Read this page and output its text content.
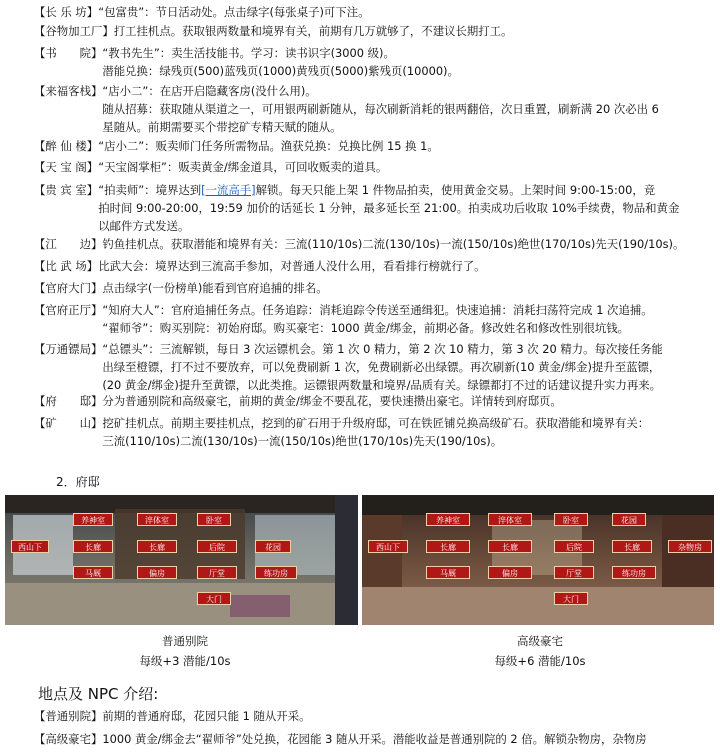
【长 乐 坊】 “包富贵”：节日活动处。点击绿字(每张桌子)可下注。
【谷物加工厂】 打工挂机点。获取银两数量和境界有关，前期有几万就够了，不建议长期打工。
【书　　院】 “教书先生”：卖生活技能书。学习：读书识字(3000 级)。
潜能兑换：绿残页(500)蓝残页(1000)黄残页(5000)紫残页(10000)。
【来福客栈】 “店小二”：在店开启隐藏客房(没什么用)。
随从招募：获取随从渠道之一，可用银两刷新随从，每次刷新消耗的银两翻倍，次日重置，刷新满 20 次必出 6
星随从。前期需要买个带挖矿专精天赋的随从。
【醉 仙 楼】 “店小二”：贩卖师门任务所需物品。渔获兑换：兑换比例 15 换 1。
【天 宝 阁】 “天宝阁掌柜”：贩卖黄金/绑金道具，可回收贩卖的道具。
【贵 宾 室】 “拍卖师”：境界达到[一流高手]解锁。每天只能上架 1 件物品拍卖，使用黄金交易。上架时间 9:00-15:00，竞
拍时间 9:00-20:00，19:59 加价的话延长 1 分钟，最多延长至 21:00。拍卖成功后收取 10%手续费，物品和黄金
以邮件方式发送。
【江　　边】 钓鱼挂机点。获取潜能和境界有关：三流(110/10s)二流(130/10s)一流(150/10s)绝世(170/10s)先天(190/10s)。
【比 武 场】 比武大会：境界达到三流高手参加，对普通人没什么用，看看排行榜就行了。
【官府大门】 点击绿字(一份榜单)能看到官府追捕的排名。
【官府正厅】 “知府大人”：官府追捕任务点。任务追踪：消耗追踪令传送至通缉犯。快速追捕：消耗扫荡符完成 1 次追捕。
“翟师爷”：购买别院：初始府邸。购买豪宅：1000 黄金/绑金，前期必备。修改姓名和修改性别很坑钱。
【万通镖局】 “总镖头”：三流解锁，每日 3 次运镖机会。第 1 次 0 精力，第 2 次 10 精力，第 3 次 20 精力。每次接任务能
出绿至橙镖，打不过不要放弃，可以免费刷新 1 次，免费刷新必出绿镖。再次刷新(10 黄金/绑金)提升至蓝镖，
(20 黄金/绑金)提升至黄镖，以此类推。运镖银两数量和境界/品质有关。绿镖都打不过的话建议提升实力再来。
【府　　邸】 分为普通别院和高级豪宅，前期的黄金/绑金不要乱花，要快速攒出豪宅。详情转到府邸页。
【矿　　山】 挖矿挂机点。前期主要挂机点，挖到的矿石用于升级府邸，可在铁匠铺兑换高级矿石。获取潜能和境界有关：
三流(110/10s)二流(130/10s)一流(150/10s)绝世(170/10s)先天(190/10s)。
2．府邸
养神室	淬体室	卧室
西山下	长廊	长廊	后院	花园
马厩	偏房	厅堂	练功房
大门
养神室	淬体室	卧室	花园
西山下	长廊	长廊	后院	长廊	杂物房
马厩	偏房	厅堂	练功房
大门
普通别院
每级+3 潜能/10s
高级豪宅
每级+6 潜能/10s
地点及 NPC 介绍:
【普通别院】前期的普通府邸，花园只能 1 随从开采。
【高级豪宅】1000 黄金/绑金去“翟师爷”处兑换，花园能 3 随从开采。潜能收益是普通别院的 2 倍。解锁杂物房，杂物房
